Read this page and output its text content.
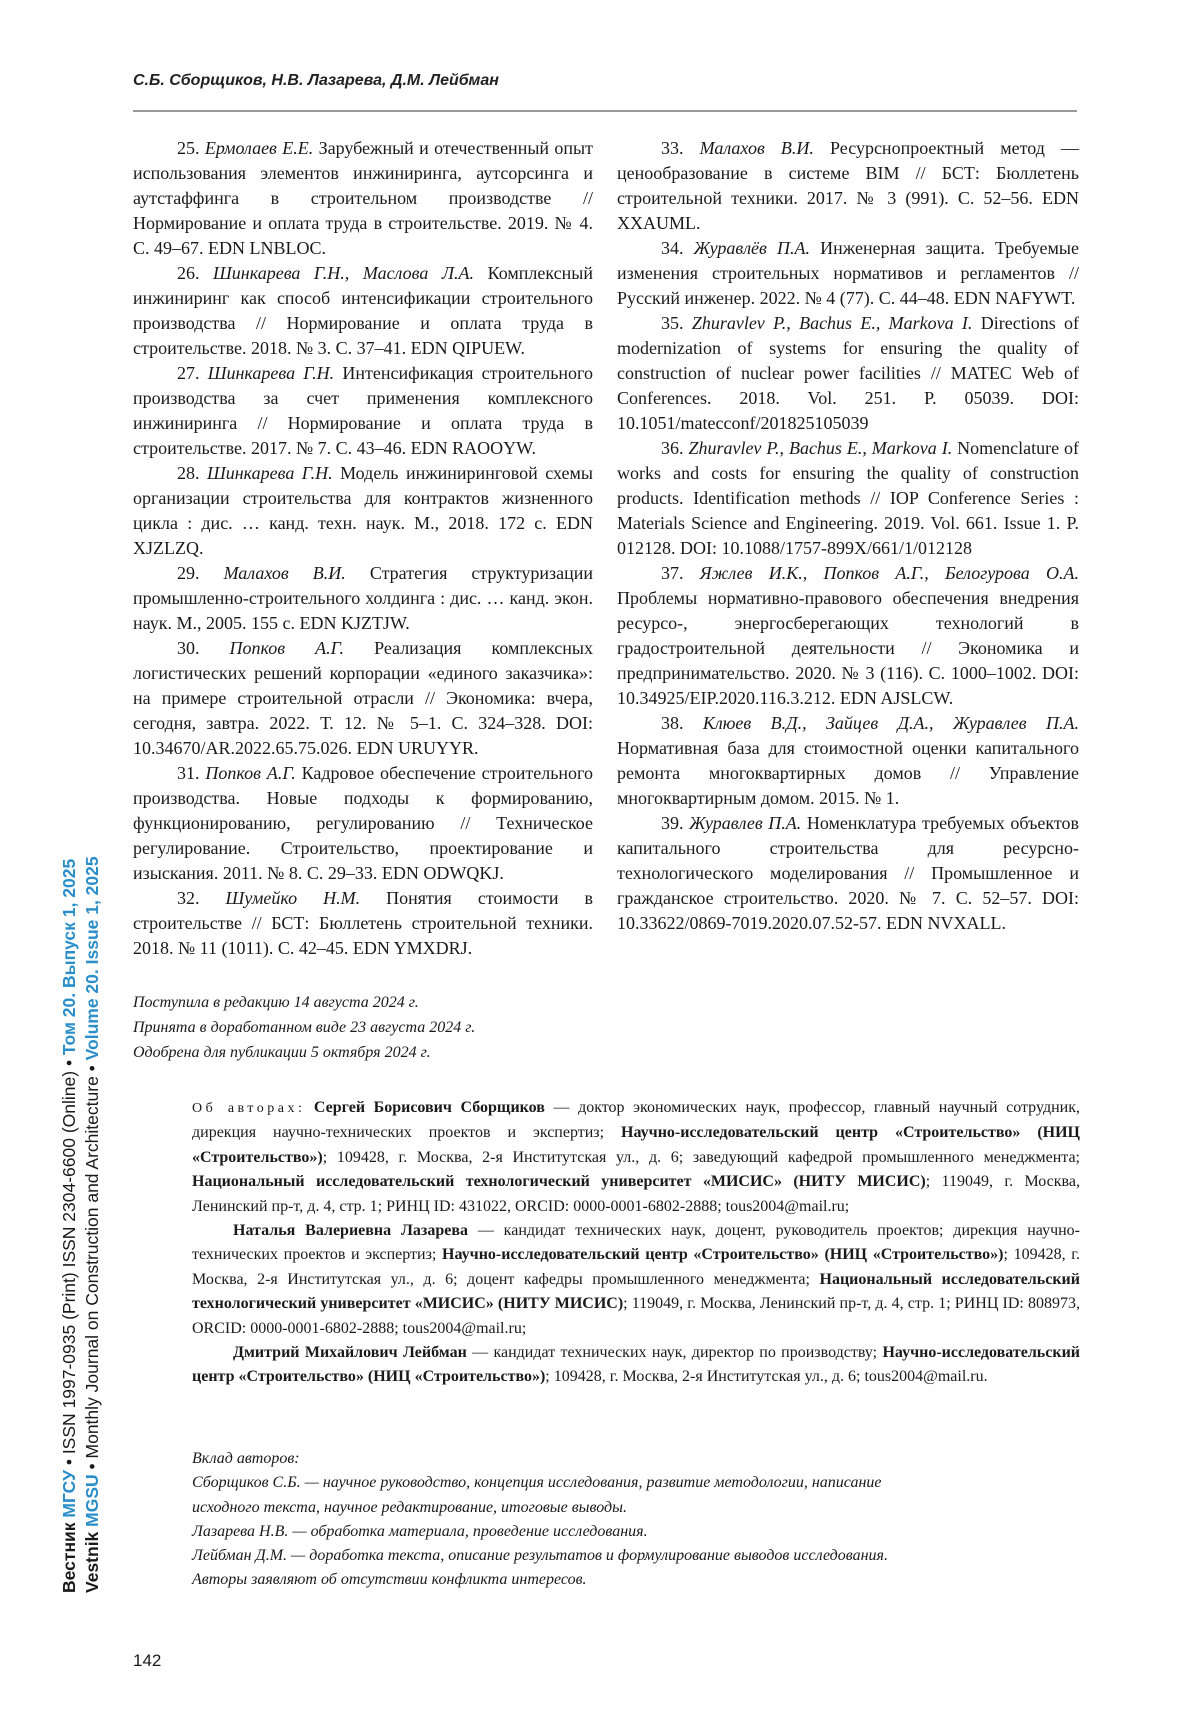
С.Б. Сборщиков, Н.В. Лазарева, Д.М. Лейбман

25. Ермолаев Е.Е. Зарубежный и отечественный опыт использования элементов инжиниринга, аутсорсинга и аутстаффинга в строительном производстве // Нормирование и оплата труда в строительстве. 2019. № 4. С. 49–67. EDN LNBLOC.

26. Шинкарева Г.Н., Маслова Л.А. Комплексный инжиниринг как способ интенсификации строительного производства // Нормирование и оплата труда в строительстве. 2018. № 3. С. 37–41. EDN QIPUEW.

27. Шинкарева Г.Н. Интенсификация строительного производства за счет применения комплексного инжиниринга // Нормирование и оплата труда в строительстве. 2017. № 7. С. 43–46. EDN RAOOYW.

28. Шинкарева Г.Н. Модель инжиниринговой схемы организации строительства для контрактов жизненного цикла : дис. … канд. техн. наук. М., 2018. 172 с. EDN XJZLZQ.

29. Малахов В.И. Стратегия структуризации промышленно-строительного холдинга : дис. … канд. экон. наук. М., 2005. 155 с. EDN KJZTJW.

30. Попков А.Г. Реализация комплексных логистических решений корпорации «единого заказчика»: на примере строительной отрасли // Экономика: вчера, сегодня, завтра. 2022. Т. 12. № 5–1. С. 324–328. DOI: 10.34670/AR.2022.65.75.026. EDN URUYYR.

31. Попков А.Г. Кадровое обеспечение строительного производства. Новые подходы к формированию, функционированию, регулированию // Техническое регулирование. Строительство, проектирование и изыскания. 2011. № 8. С. 29–33. EDN ODWQKJ.

32. Шумейко Н.М. Понятия стоимости в строительстве // БСТ: Бюллетень строительной техники. 2018. № 11 (1011). С. 42–45. EDN YMXDRJ.

33. Малахов В.И. Ресурснопроектный метод — ценообразование в системе BIM // БСТ: Бюллетень строительной техники. 2017. № 3 (991). С. 52–56. EDN XXAUML.

34. Журавлёв П.А. Инженерная защита. Требуемые изменения строительных нормативов и регламентов // Русский инженер. 2022. № 4 (77). С. 44–48. EDN NAFYWT.

35. Zhuravlev P., Bachus E., Markova I. Directions of modernization of systems for ensuring the quality of construction of nuclear power facilities // MATEC Web of Conferences. 2018. Vol. 251. P. 05039. DOI: 10.1051/matecconf/201825105039

36. Zhuravlev P., Bachus E., Markova I. Nomenclature of works and costs for ensuring the quality of construction products. Identification methods // IOP Conference Series : Materials Science and Engineering. 2019. Vol. 661. Issue 1. P. 012128. DOI: 10.1088/1757-899X/661/1/012128

37. Яжлев И.К., Попков А.Г., Белогурова О.А. Проблемы нормативно-правового обеспечения внедрения ресурсо-, энергосберегающих технологий в градостроительной деятельности // Экономика и предпринимательство. 2020. № 3 (116). С. 1000–1002. DOI: 10.34925/EIP.2020.116.3.212. EDN AJSLCW.

38. Клюев В.Д., Зайцев Д.А., Журавлев П.А. Нормативная база для стоимостной оценки капитального ремонта многоквартирных домов // Управление многоквартирным домом. 2015. № 1.

39. Журавлев П.А. Номенклатура требуемых объектов капитального строительства для ресурсно-технологического моделирования // Промышленное и гражданское строительство. 2020. № 7. С. 52–57. DOI: 10.33622/0869-7019.2020.07.52-57. EDN NVXALL.

Поступила в редакцию 14 августа 2024 г.
Принята в доработанном виде 23 августа 2024 г.
Одобрена для публикации 5 октября 2024 г.

Об авторах: Сергей Борисович Сборщиков — доктор экономических наук, профессор, главный научный сотрудник, дирекция научно-технических проектов и экспертиз; Научно-исследовательский центр «Строительство» (НИЦ «Строительство»); 109428, г. Москва, 2-я Институтская ул., д. 6; заведующий кафедрой промышленного менеджмента; Национальный исследовательский технологический университет «МИСИС» (НИТУ МИСИС); 119049, г. Москва, Ленинский пр-т, д. 4, стр. 1; РИНЦ ID: 431022, ORCID: 0000-0001-6802-2888; tous2004@mail.ru;

Наталья Валериевна Лазарева — кандидат технических наук, доцент, руководитель проектов; дирекция научно-технических проектов и экспертиз; Научно-исследовательский центр «Строительство» (НИЦ «Строительство»); 109428, г. Москва, 2-я Институтская ул., д. 6; доцент кафедры промышленного менеджмента; Национальный исследовательский технологический университет «МИСИС» (НИТУ МИСИС); 119049, г. Москва, Ленинский пр-т, д. 4, стр. 1; РИНЦ ID: 808973, ORCID: 0000-0001-6802-2888; tous2004@mail.ru;

Дмитрий Михайлович Лейбман — кандидат технических наук, директор по производству; Научно-исследовательский центр «Строительство» (НИЦ «Строительство»); 109428, г. Москва, 2-я Институтская ул., д. 6; tous2004@mail.ru.

Вклад авторов:
Сборщиков С.Б. — научное руководство, концепция исследования, развитие методологии, написание
исходного текста, научное редактирование, итоговые выводы.
Лазарева Н.В. — обработка материала, проведение исследования.
Лейбман Д.М. — доработка текста, описание результатов и формулирование выводов исследования.
Авторы заявляют об отсутствии конфликта интересов.
142
Вестник МГСУ • ISSN 1997-0935 (Print) ISSN 2304-6600 (Online) • Том 20. Выпуск 1, 2025
Vestnik MGSU • Monthly Journal on Construction and Architecture • Volume 20. Issue 1, 2025
